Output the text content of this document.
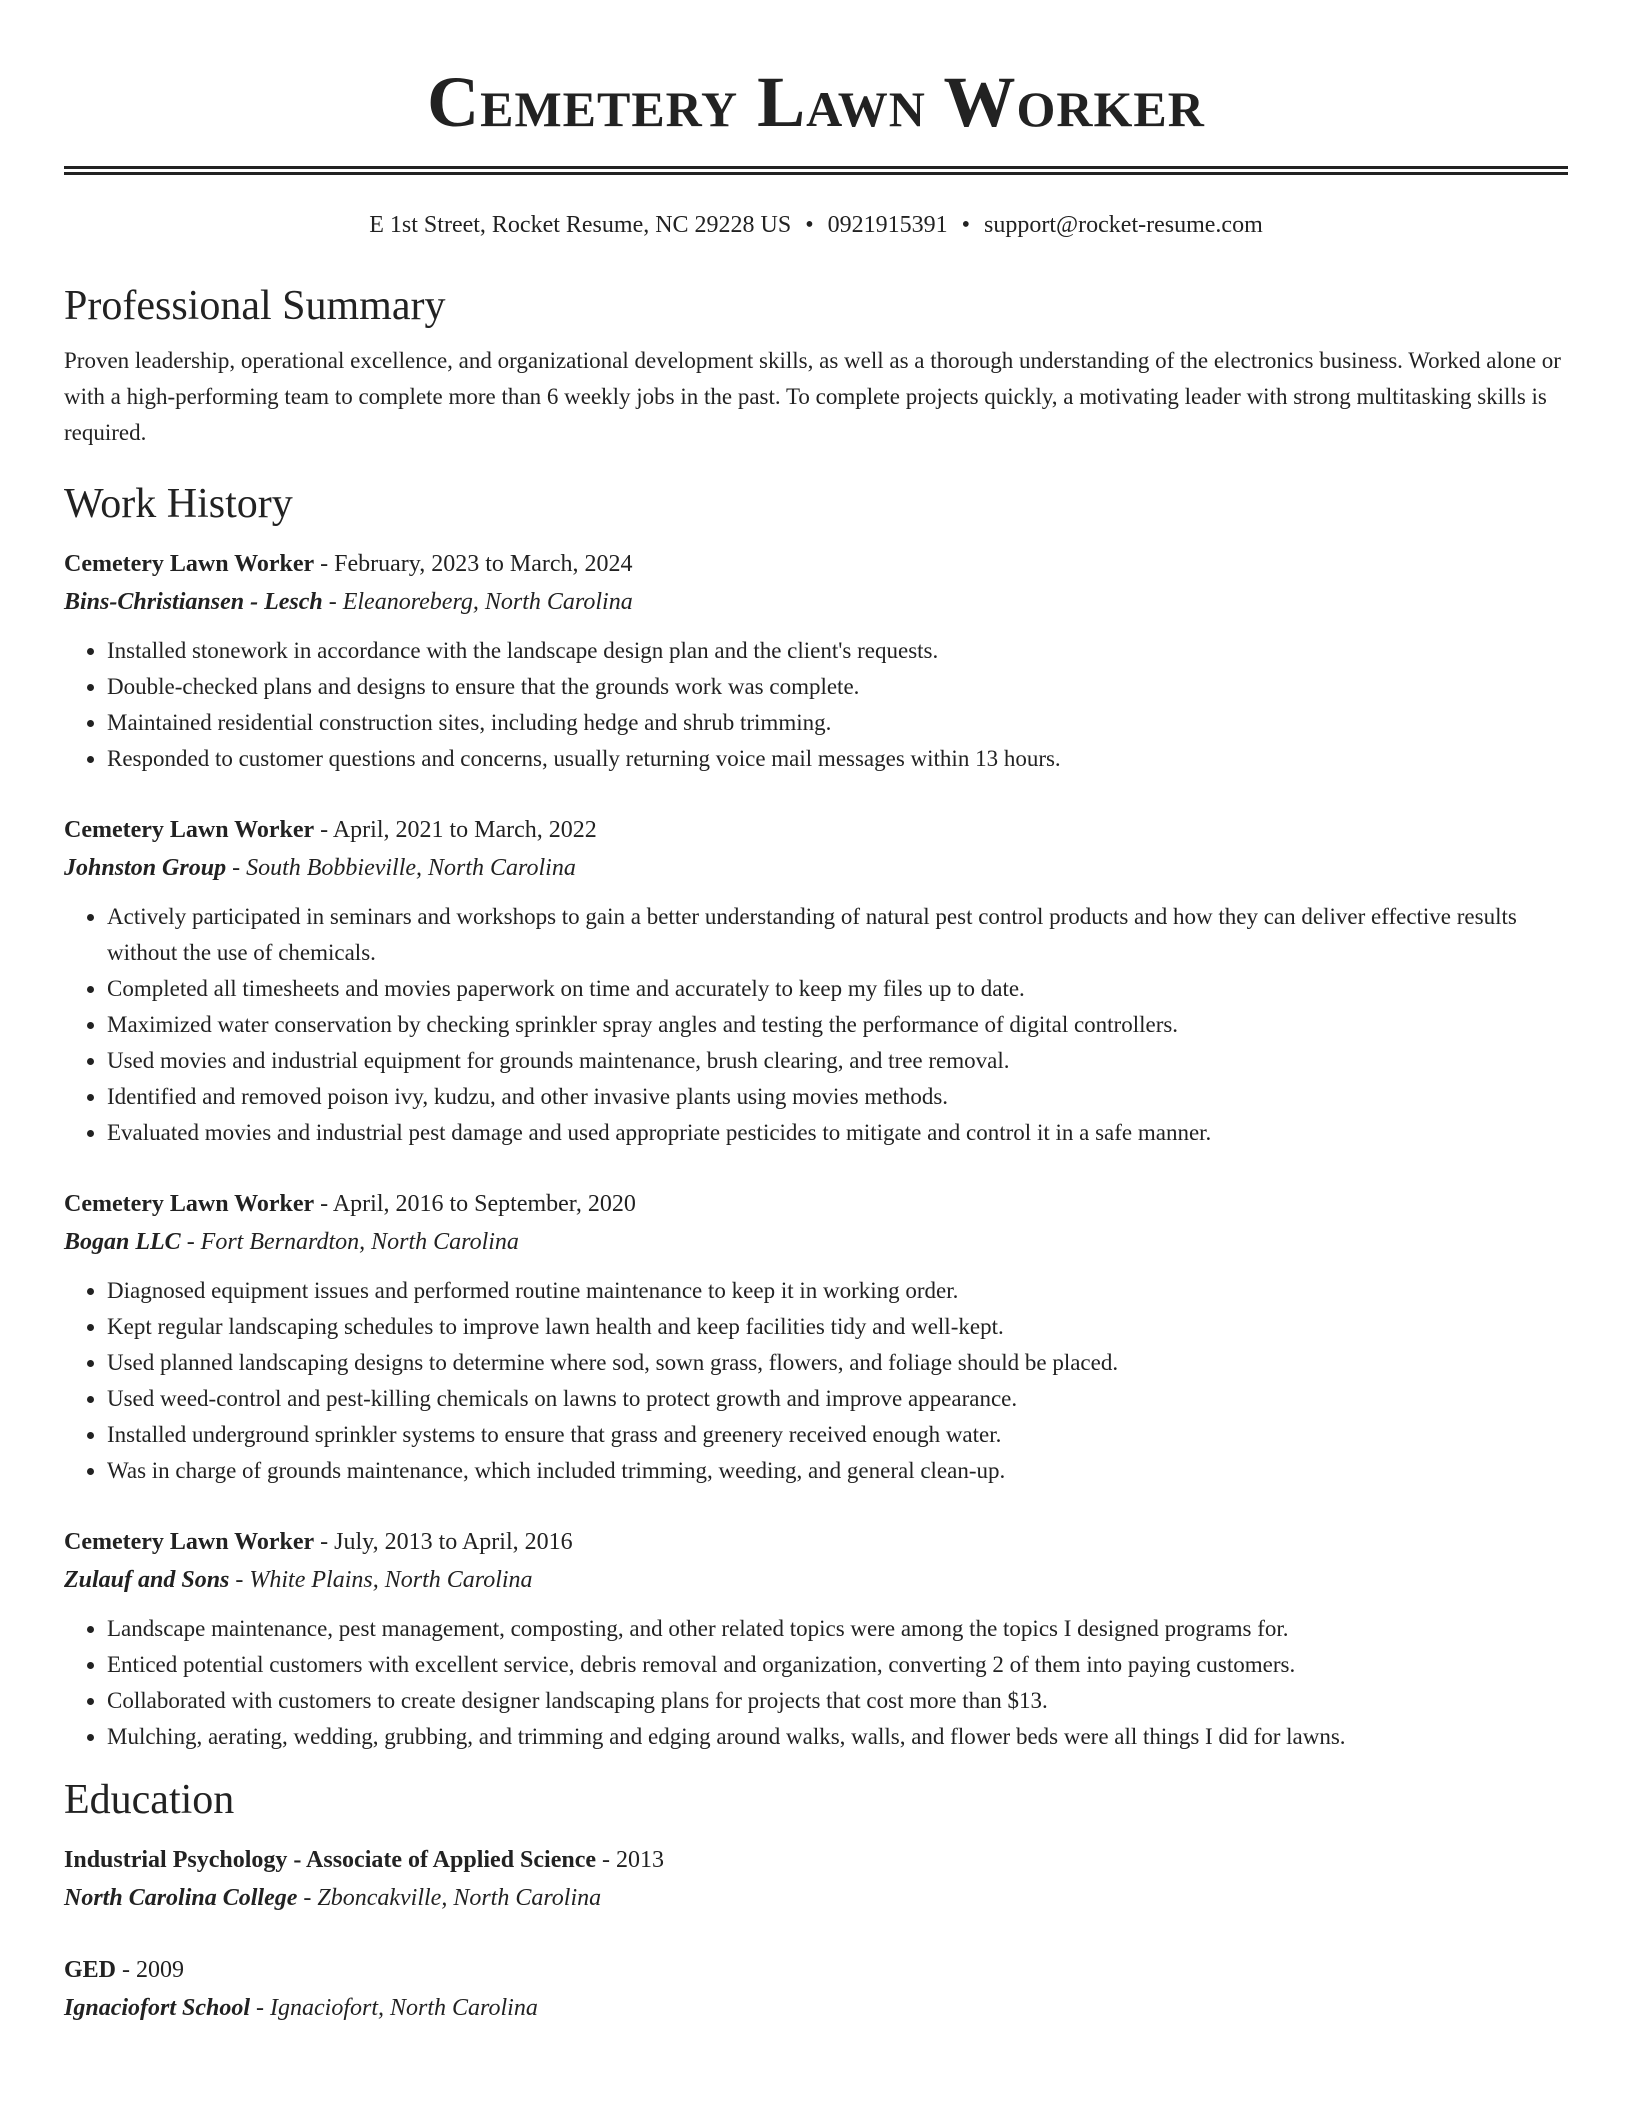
Cemetery Lawn Worker
E 1st Street, Rocket Resume, NC 29228 US • 0921915391 • support@rocket-resume.com
Professional Summary

Proven leadership, operational excellence, and organizational development skills, as well as a thorough understanding of the electronics business. Worked alone or with a high-performing team to complete more than 6 weekly jobs in the past. To complete projects quickly, a motivating leader with strong multitasking skills is required.

Work History
Cemetery Lawn Worker - February, 2023 to March, 2024
Bins-Christiansen - Lesch - Eleanoreberg, North Carolina
• Installed stonework in accordance with the landscape design plan and the client's requests.
• Double-checked plans and designs to ensure that the grounds work was complete.
• Maintained residential construction sites, including hedge and shrub trimming.
• Responded to customer questions and concerns, usually returning voice mail messages within 13 hours.
Cemetery Lawn Worker - April, 2021 to March, 2022
Johnston Group - South Bobbieville, North Carolina
• Actively participated in seminars and workshops to gain a better understanding of natural pest control products and how they can deliver effective results without the use of chemicals.
• Completed all timesheets and movies paperwork on time and accurately to keep my files up to date.
• Maximized water conservation by checking sprinkler spray angles and testing the performance of digital controllers.
• Used movies and industrial equipment for grounds maintenance, brush clearing, and tree removal.
• Identified and removed poison ivy, kudzu, and other invasive plants using movies methods.
• Evaluated movies and industrial pest damage and used appropriate pesticides to mitigate and control it in a safe manner.
Cemetery Lawn Worker - April, 2016 to September, 2020
Bogan LLC - Fort Bernardton, North Carolina
• Diagnosed equipment issues and performed routine maintenance to keep it in working order.
• Kept regular landscaping schedules to improve lawn health and keep facilities tidy and well-kept.
• Used planned landscaping designs to determine where sod, sown grass, flowers, and foliage should be placed.
• Used weed-control and pest-killing chemicals on lawns to protect growth and improve appearance.
• Installed underground sprinkler systems to ensure that grass and greenery received enough water.
• Was in charge of grounds maintenance, which included trimming, weeding, and general clean-up.
Cemetery Lawn Worker - July, 2013 to April, 2016
Zulauf and Sons - White Plains, North Carolina
• Landscape maintenance, pest management, composting, and other related topics were among the topics I designed programs for.
• Enticed potential customers with excellent service, debris removal and organization, converting 2 of them into paying customers.
• Collaborated with customers to create designer landscaping plans for projects that cost more than $13.
• Mulching, aerating, wedding, grubbing, and trimming and edging around walks, walls, and flower beds were all things I did for lawns.
Education
Industrial Psychology - Associate of Applied Science - 2013
North Carolina College - Zboncakville, North Carolina
GED - 2009
Ignaciofort School - Ignaciofort, North Carolina
